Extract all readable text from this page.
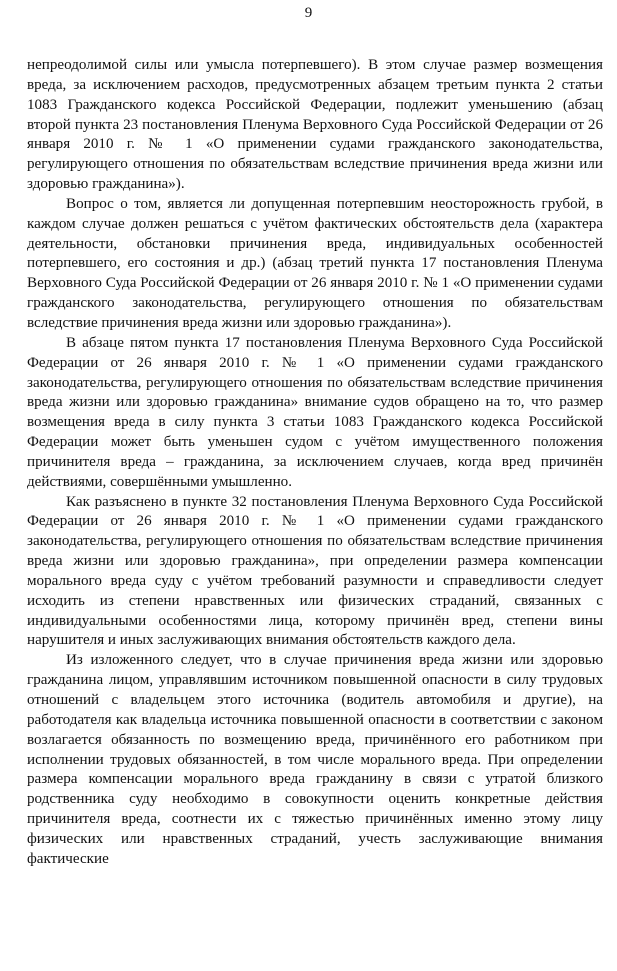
9

непреодолимой силы или умысла потерпевшего). В этом случае размер возмещения вреда, за исключением расходов, предусмотренных абзацем третьим пункта 2 статьи 1083 Гражданского кодекса Российской Федерации, подлежит уменьшению (абзац второй пункта 23 постановления Пленума Верховного Суда Российской Федерации от 26 января 2010 г. № 1 «О применении судами гражданского законодательства, регулирующего отношения по обязательствам вследствие причинения вреда жизни или здоровью гражданина»).

Вопрос о том, является ли допущенная потерпевшим неосторожность грубой, в каждом случае должен решаться с учётом фактических обстоятельств дела (характера деятельности, обстановки причинения вреда, индивидуальных особенностей потерпевшего, его состояния и др.) (абзац третий пункта 17 постановления Пленума Верховного Суда Российской Федерации от 26 января 2010 г. № 1 «О применении судами гражданского законодательства, регулирующего отношения по обязательствам вследствие причинения вреда жизни или здоровью гражданина»).

В абзаце пятом пункта 17 постановления Пленума Верховного Суда Российской Федерации от 26 января 2010 г. № 1 «О применении судами гражданского законодательства, регулирующего отношения по обязательствам вследствие причинения вреда жизни или здоровью гражданина» внимание судов обращено на то, что размер возмещения вреда в силу пункта 3 статьи 1083 Гражданского кодекса Российской Федерации может быть уменьшен судом с учётом имущественного положения причинителя вреда – гражданина, за исключением случаев, когда вред причинён действиями, совершёнными умышленно.

Как разъяснено в пункте 32 постановления Пленума Верховного Суда Российской Федерации от 26 января 2010 г. № 1 «О применении судами гражданского законодательства, регулирующего отношения по обязательствам вследствие причинения вреда жизни или здоровью гражданина», при определении размера компенсации морального вреда суду с учётом требований разумности и справедливости следует исходить из степени нравственных или физических страданий, связанных с индивидуальными особенностями лица, которому причинён вред, степени вины нарушителя и иных заслуживающих внимания обстоятельств каждого дела.

Из изложенного следует, что в случае причинения вреда жизни или здоровью гражданина лицом, управлявшим источником повышенной опасности в силу трудовых отношений с владельцем этого источника (водитель автомобиля и другие), на работодателя как владельца источника повышенной опасности в соответствии с законом возлагается обязанность по возмещению вреда, причинённого его работником при исполнении трудовых обязанностей, в том числе морального вреда. При определении размера компенсации морального вреда гражданину в связи с утратой близкого родственника суду необходимо в совокупности оценить конкретные действия причинителя вреда, соотнести их с тяжестью причинённых именно этому лицу физических или нравственных страданий, учесть заслуживающие внимания фактические
